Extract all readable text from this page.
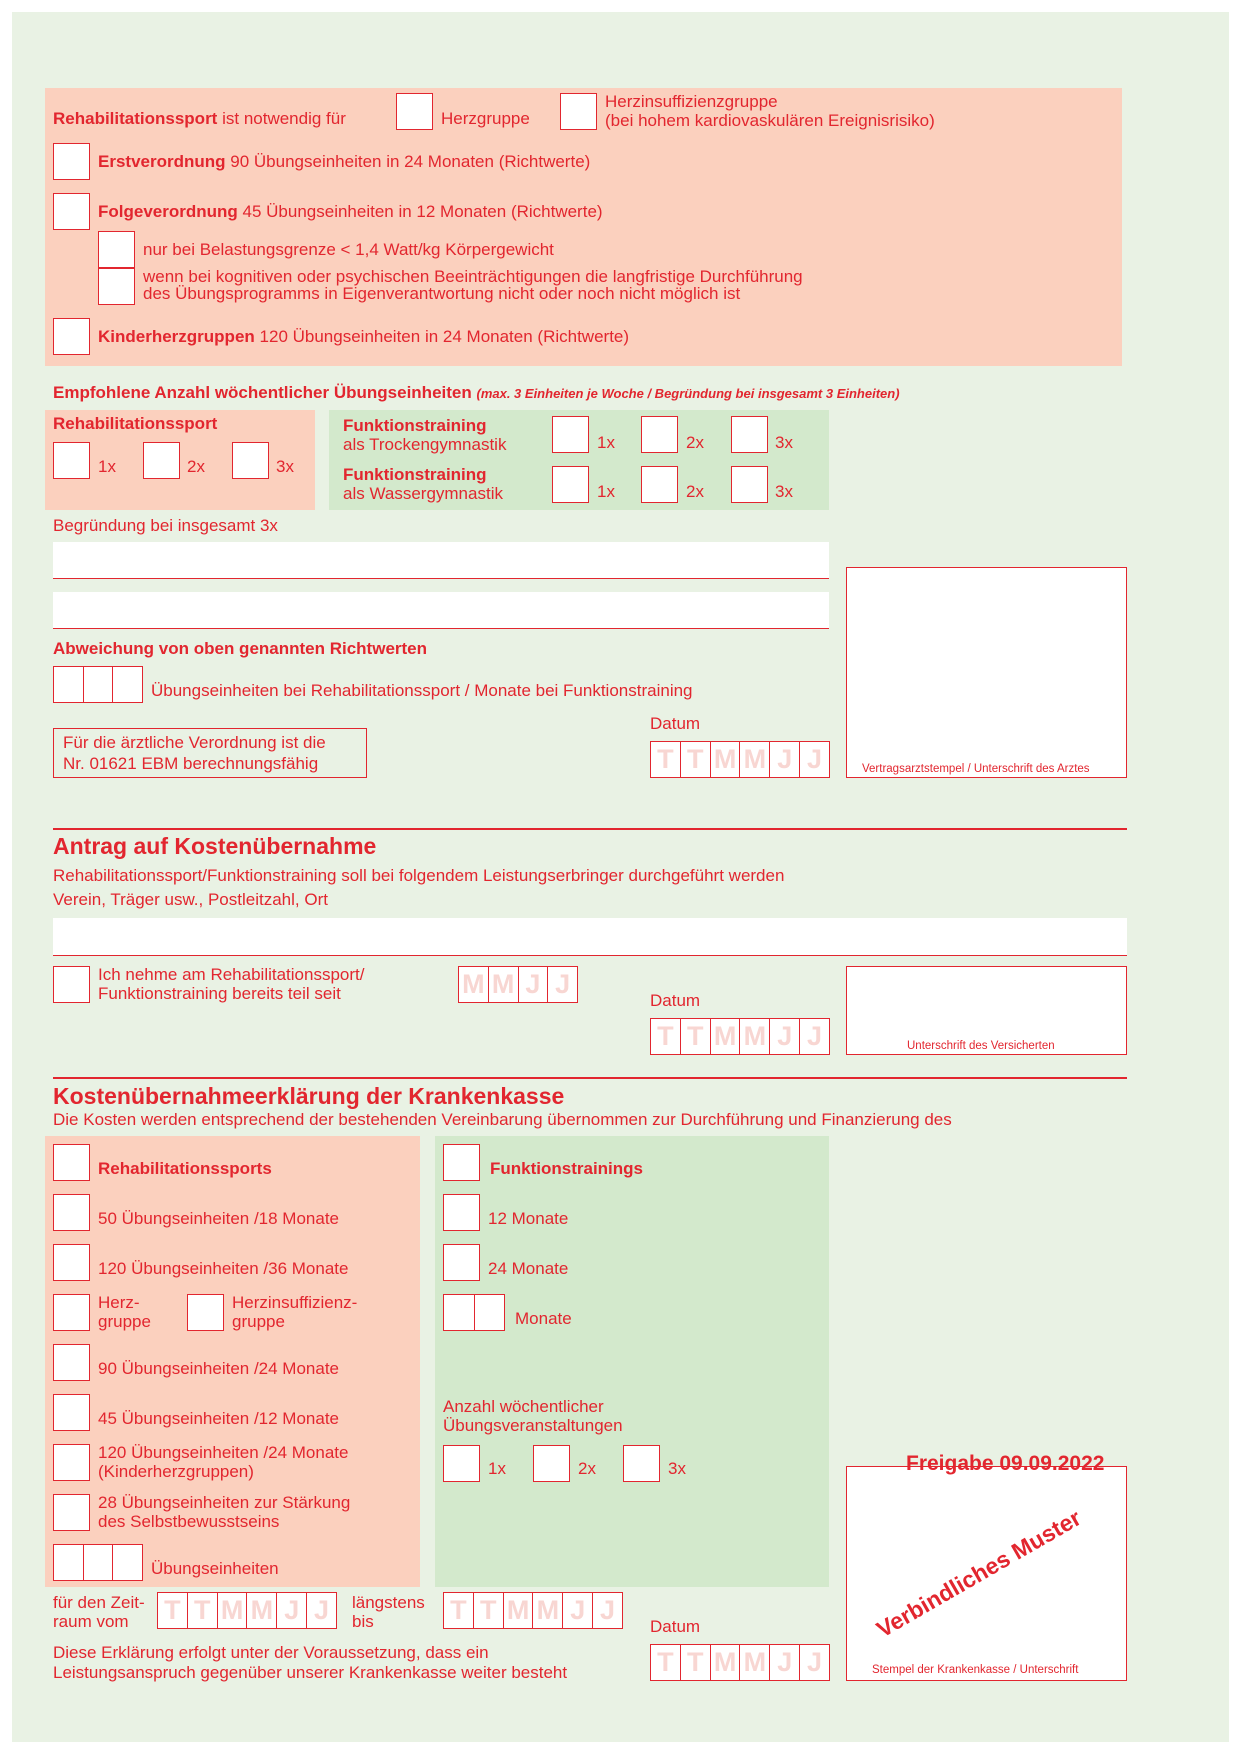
Rehabilitationssport ist notwendig für	Herzgruppe
Herzinsuffizienzgruppe
(bei hohem kardiovaskulären Ereignisrisiko)
Erstverordnung 90 Übungseinheiten in 24 Monaten (Richtwerte)
Folgeverordnung 45 Übungseinheiten in 12 Monaten (Richtwerte)
nur bei Belastungsgrenze < 1,4 Watt/kg Körpergewicht
wenn bei kognitiven oder psychischen Beeinträchtigungen die langfristige Durchführung
des Übungsprogramms in Eigenverantwortung nicht oder noch nicht möglich ist
Kinderherzgruppen 120 Übungseinheiten in 24 Monaten (Richtwerte)
Empfohlene Anzahl wöchentlicher Übungseinheiten (max. 3 Einheiten je Woche / Begründung bei insgesamt 3 Einheiten)
Rehabilitationssport
1x	2x	3x
Funktionstraining
als Trockengymnastik	1x	2x	3x
Funktionstraining
als Wassergymnastik	1x	2x	3x
Begründung bei insgesamt 3x
Vertragsarztstempel / Unterschrift des Arztes
Abweichung von oben genannten Richtwerten
Übungseinheiten bei Rehabilitationssport / Monate bei Funktionstraining
Für die ärztliche Verordnung ist die
Nr. 01621 EBM berechnungsfähig
Datum
T T M M J J
Antrag auf Kostenübernahme
Rehabilitationssport/Funktionstraining soll bei folgendem Leistungserbringer durchgeführt werden
Verein, Träger usw., Postleitzahl, Ort
Ich nehme am Rehabilitationssport/
Funktionstraining bereits teil seit	M M J J
Datum
T T M M J J	Unterschrift des Versicherten
Kostenübernahmeerklärung der Krankenkasse
Die Kosten werden entsprechend der bestehenden Vereinbarung übernommen zur Durchführung und Finanzierung des
Rehabilitationssports
50 Übungseinheiten /18 Monate
120 Übungseinheiten /36 Monate
Herz-
gruppe
Herzinsuffizienz-
gruppe
90 Übungseinheiten /24 Monate
45 Übungseinheiten /12 Monate
120 Übungseinheiten /24 Monate
(Kinderherzgruppen)
28 Übungseinheiten zur Stärkung
des Selbstbewusstseins
Übungseinheiten
Funktionstrainings
12 Monate
24 Monate
Monate
Anzahl wöchentlicher
Übungsveranstaltungen
1x	2x	3x
für den Zeit-
raum vom T T M M J J	längstens
bis	T T M M J J
Diese Erklärung erfolgt unter der Voraussetzung, dass ein
Leistungsanspruch gegenüber unserer Krankenkasse weiter besteht
Datum
T T M M J J
Freigabe 09.09.2022
Verbindliches Muster
Stempel der Krankenkasse / Unterschrift
